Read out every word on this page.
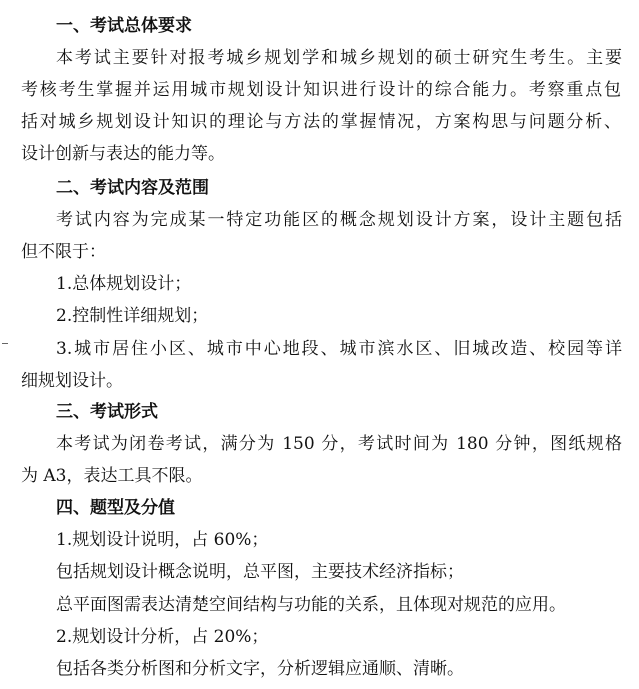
一、考试总体要求
本考试主要针对报考城乡规划学和城乡规划的硕士研究生考生。主要
考核考生掌握并运用城市规划设计知识进行设计的综合能力。考察重点包
括对城乡规划设计知识的理论与方法的掌握情况，方案构思与问题分析、
设计创新与表达的能力等。
二、考试内容及范围
考试内容为完成某一特定功能区的概念规划设计方案，设计主题包括
但不限于：
1.总体规划设计；
2.控制性详细规划；
3.城市居住小区、城市中心地段、城市滨水区、旧城改造、校园等详
细规划设计。
三、考试形式
本考试为闭卷考试，满分为 150 分，考试时间为 180 分钟，图纸规格
为 A3，表达工具不限。
四、题型及分值
1.规划设计说明，占 60%；
包括规划设计概念说明，总平图，主要技术经济指标；
总平面图需表达清楚空间结构与功能的关系，且体现对规范的应用。
2.规划设计分析，占 20%；
包括各类分析图和分析文字，分析逻辑应通顺、清晰。
